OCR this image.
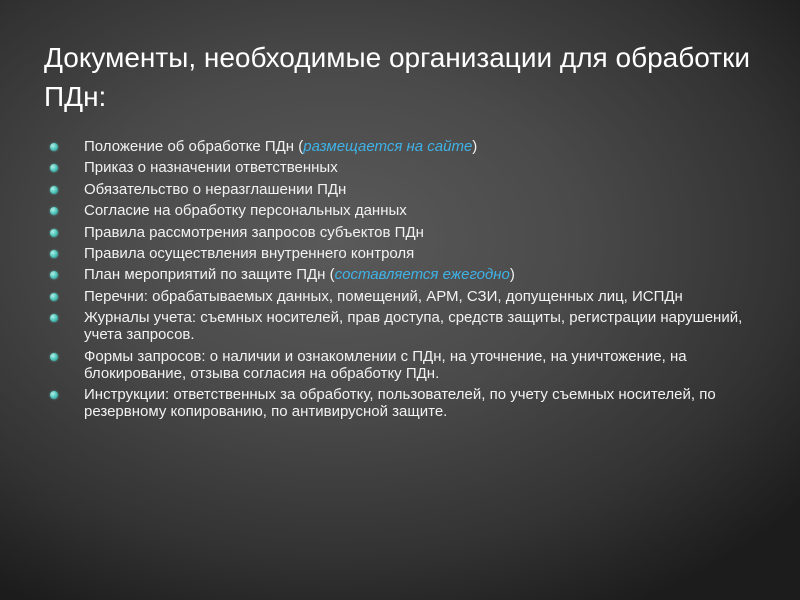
Документы, необходимые организации для обработки ПДн:
Положение об обработке ПДн (размещается на сайте)
Приказ о назначении ответственных
Обязательство о неразглашении ПДн
Согласие на обработку персональных данных
Правила рассмотрения запросов субъектов ПДн
Правила осуществления внутреннего контроля
План мероприятий по защите ПДн (составляется ежегодно)
Перечни: обрабатываемых данных, помещений, АРМ, СЗИ, допущенных лиц, ИСПДн
Журналы учета: съемных носителей, прав доступа, средств защиты, регистрации нарушений, учета запросов.
Формы запросов: о наличии и ознакомлении с ПДн, на уточнение, на уничтожение, на блокирование, отзыва согласия на обработку ПДн.
Инструкции: ответственных за обработку, пользователей, по учету съемных носителей, по резервному копированию, по антивирусной защите.
